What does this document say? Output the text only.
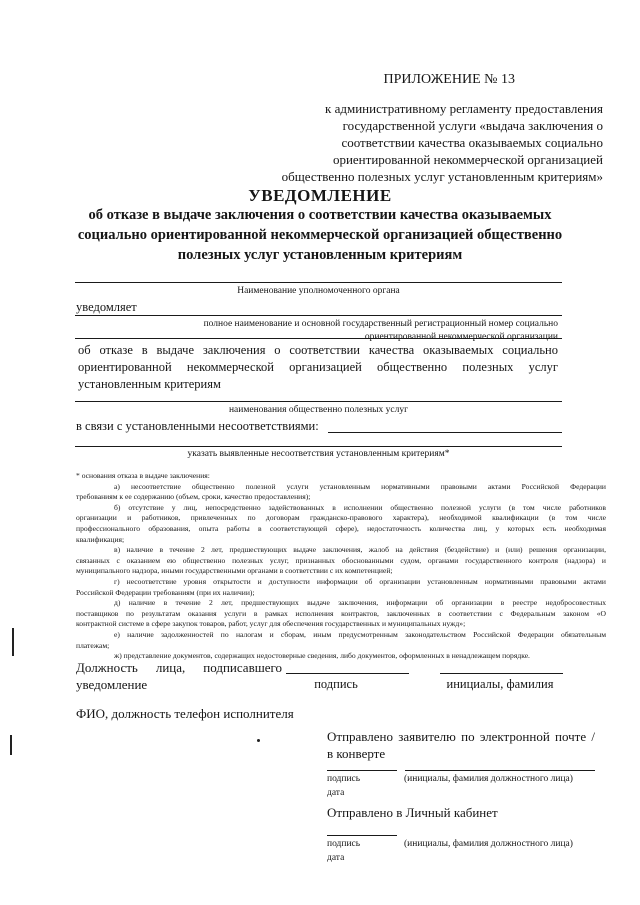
ПРИЛОЖЕНИЕ № 13
к административному регламенту предоставления
государственной услуги «выдача заключения о
соответствии качества оказываемых социально
ориентированной некоммерческой организацией
общественно полезных услуг установленным критериям»
УВЕДОМЛЕНИЕ
об отказе в выдаче заключения о соответствии качества оказываемых
социально ориентированной некоммерческой организацией общественно
полезных услуг установленным критериям
Наименование уполномоченного органа
уведомляет
полное наименование и основной государственный регистрационный номер социально
ориентированной некоммерческой организации
об отказе в выдаче заключения о соответствии качества оказываемых социально
ориентированной некоммерческой организацией общественно полезных услуг
установленным критериям
наименования общественно полезных услуг
в связи с установленными несоответствиями:
указать выявленные несоответствия установленным критериям*
* основания отказа в выдаче заключения:
а) несоответствие общественно полезной услуги установленным нормативными правовыми актами Российской Федерации
требованиям к ее содержанию (объем, сроки, качество предоставления);
б) отсутствие у лиц, непосредственно задействованных в исполнении общественно полезной услуги (в том числе работников
организации и работников, привлеченных по договорам гражданско-правового характера), необходимой квалификации (в том числе
профессионального образования, опыта работы в соответствующей сфере), недостаточность количества лиц, у которых есть необходимая
квалификация;
в) наличие в течение 2 лет, предшествующих выдаче заключения, жалоб на действия (бездействие) и (или) решения организации,
связанных с оказанием ею общественно полезных услуг, признанных обоснованными судом, органами государственного контроля (надзора) и
муниципального надзора, иными государственными органами в соответствии с их компетенцией;
г) несоответствие уровня открытости и доступности информации об организации установленным нормативными правовыми актами
Российской Федерации требованиям (при их наличии);
д) наличие в течение 2 лет, предшествующих выдаче заключения, информации об организации в реестре недобросовестных
поставщиков по результатам оказания услуги в рамках исполнения контрактов, заключенных в соответствии с Федеральным законом «О
контрактной системе в сфере закупок товаров, работ, услуг для обеспечения государственных и муниципальных нужд»;
е) наличие задолженностей по налогам и сборам, иным предусмотренным законодательством Российской Федерации обязательным
платежам;
ж) представление документов, содержащих недостоверные сведения, либо документов, оформленных в ненадлежащем порядке.
Должность лица, подписавшего
уведомление	подпись	инициалы, фамилия
ФИО, должность телефон исполнителя
Отправлено заявителю по электронной почте /
в конверте
подпись	(инициалы, фамилия должностного лица)
дата
Отправлено в Личный кабинет
подпись	(инициалы, фамилия должностного лица)
дата
